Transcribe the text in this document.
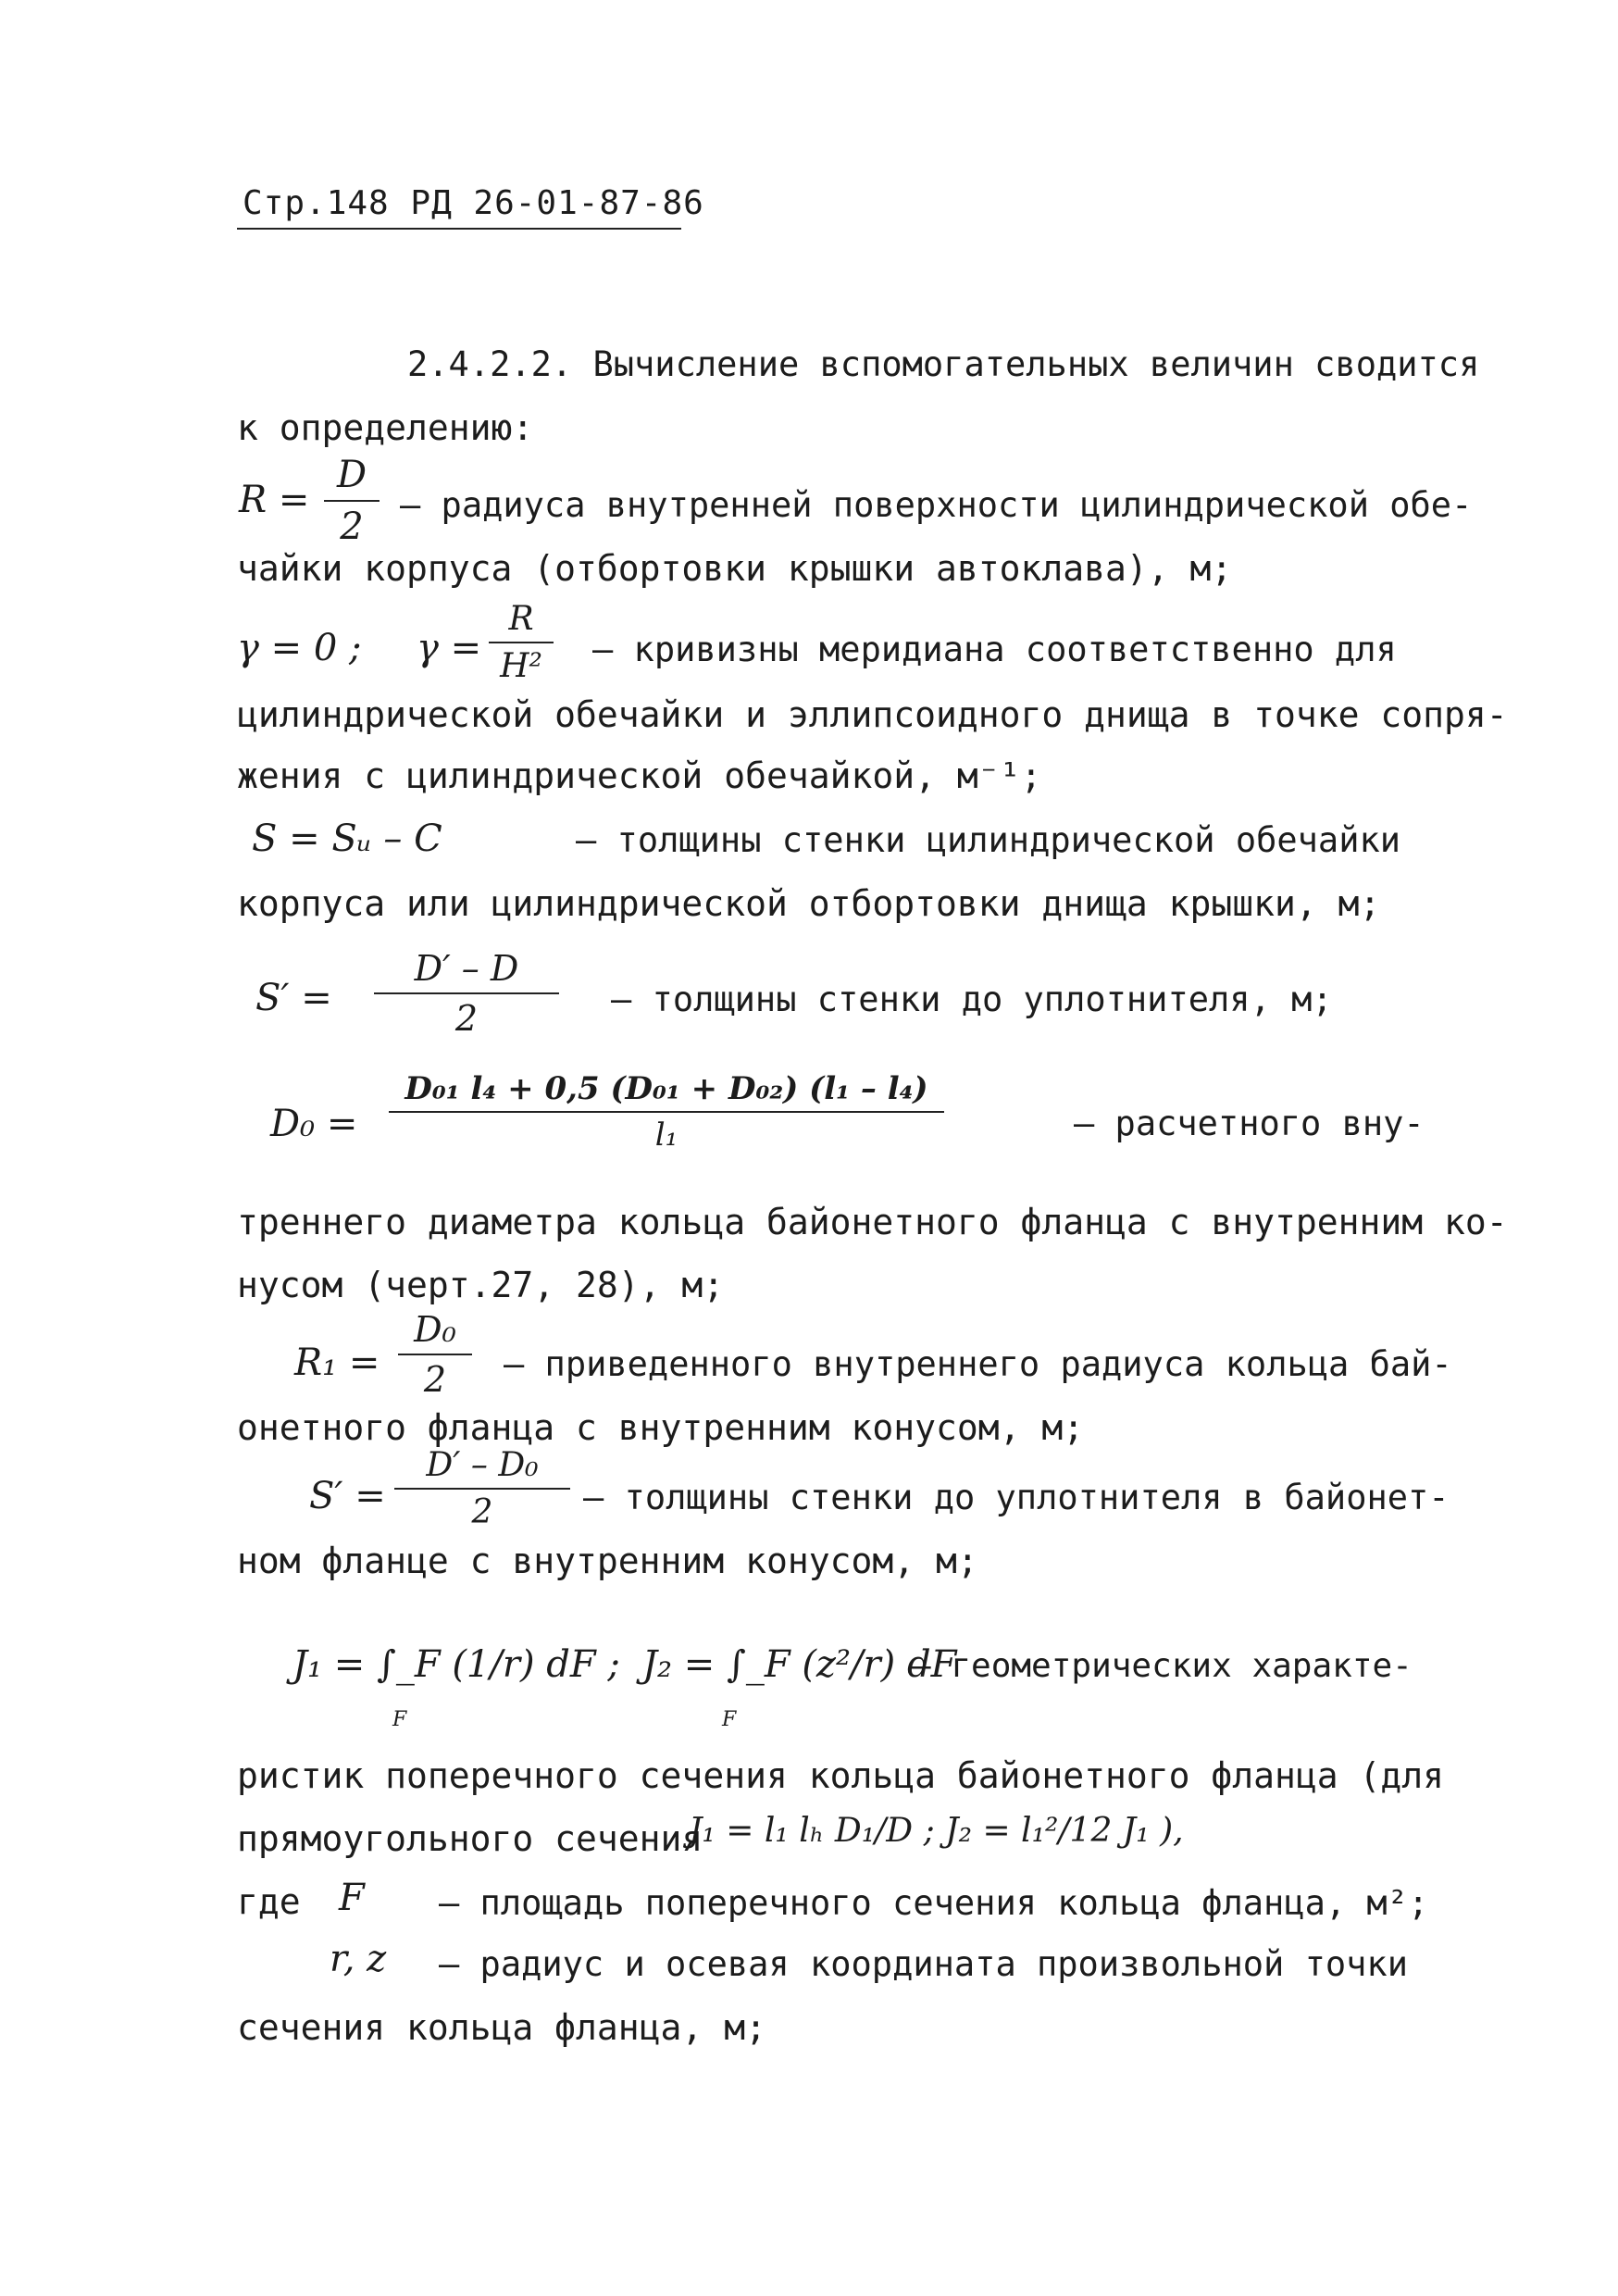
Стр.148 РД 26-01-87-86
2.4.2.2. Вычисление вспомогательных величин сводится
к определению:
R =
D
2
– радиуса внутренней поверхности цилиндрической обе-
чайки корпуса (отбортовки крышки автоклава), м;
γ = 0 ; γ =
R
H²	– кривизны меридиана соответственно для
цилиндрической обечайки и эллипсоидного днища в точке сопря-
жения с цилиндрической обечайкой, м⁻¹;
S = Sᵤ – C	– толщины стенки цилиндрической обечайки
корпуса или цилиндрической отбортовки днища крышки, м;
S′ =
D′ – D
2	– толщины стенки до уплотнителя, м;
D₀ =
D₀₁ l₄ + 0,5 (D₀₁ + D₀₂) (l₁ – l₄)
l₁	– расчетного вну-
треннего диаметра кольца байонетного фланца с внутренним ко-
нусом (черт.27, 28), м;
R₁ =
D₀
2	– приведенного внутреннего радиуса кольца бай-
онетного фланца с внутренним конусом, м;
S′ =
D′ – D₀
2	– толщины стенки до уплотнителя в байонет-
ном фланце с внутренним конусом, м;
J₁ = ∫_F (1/r) dF ; J₂ = ∫_F (z²/r) dF
F	F
– геометрических характе-
ристик поперечного сечения кольца байонетного фланца (для
прямоугольного сечения
J₁ = l₁ lₕ D₁/D ; J₂ = l₁²/12 J₁ ),
где F – площадь поперечного сечения кольца фланца, м²;
r, z – радиус и осевая координата произвольной точки
сечения кольца фланца, м;
